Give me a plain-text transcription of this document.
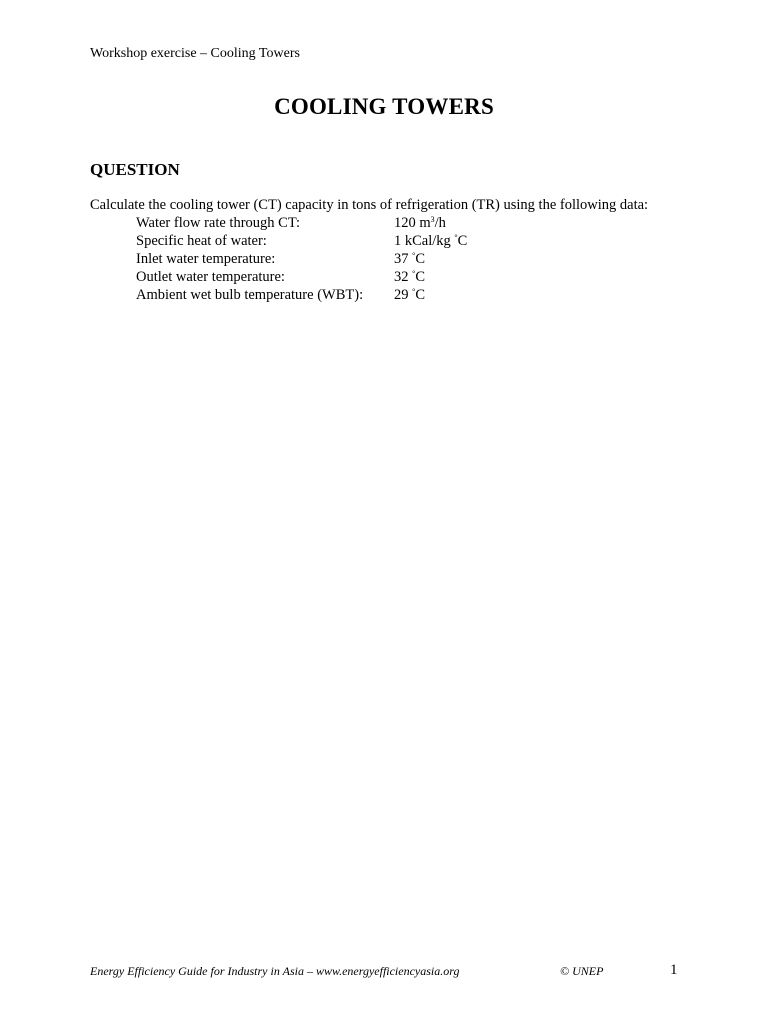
Workshop exercise – Cooling Towers
COOLING TOWERS
QUESTION
Calculate the cooling tower (CT) capacity in tons of refrigeration (TR) using the following data:
Water flow rate through CT:	120 $m^3/h$
Specific heat of water:	1 kCal/kg °C
Inlet water temperature:	37 °C
Outlet water temperature:	32 °C
Ambient wet bulb temperature (WBT):	29 °C
Energy Efficiency Guide for Industry in Asia – www.energyefficiencyasia.org	© UNEP	1
